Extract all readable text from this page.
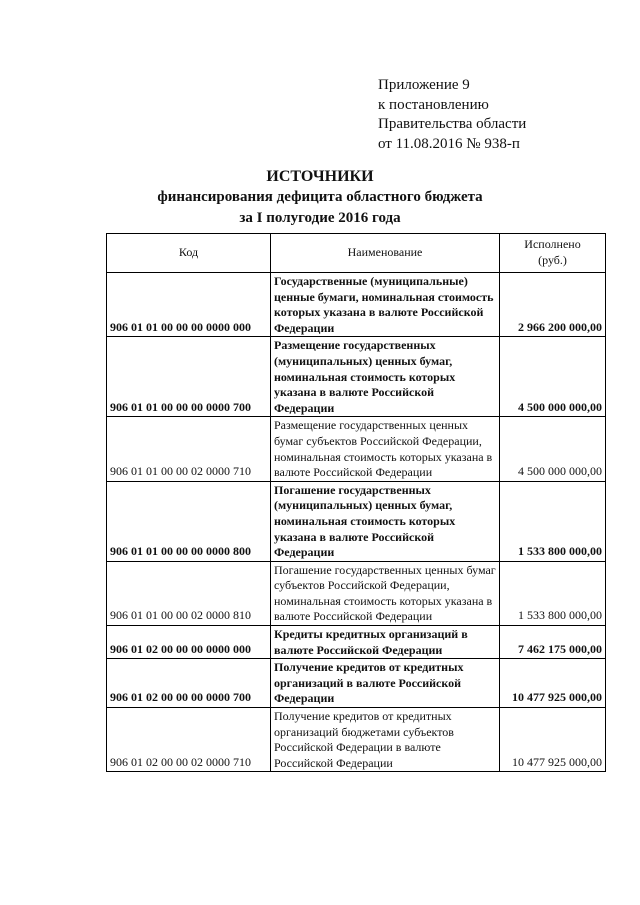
Приложение 9
к постановлению
Правительства области
от 11.08.2016 № 938-п
ИСТОЧНИКИ
финансирования дефицита областного бюджета
за I полугодие 2016 года
Код	Наименование	Исполнено
(руб.)
906 01 01 00 00 00 0000 000	Государственные (муниципальные) ценные бумаги, номинальная стоимость которых указана в валюте Российской Федерации	2 966 200 000,00
906 01 01 00 00 00 0000 700	Размещение государственных (муниципальных) ценных бумаг, номинальная стоимость которых указана в валюте Российской Федерации	4 500 000 000,00
906 01 01 00 00 02 0000 710	Размещение государственных ценных бумаг субъектов Российской Федерации, номинальная стоимость которых указана в валюте Российской Федерации	4 500 000 000,00
906 01 01 00 00 00 0000 800	Погашение государственных (муниципальных) ценных бумаг, номинальная стоимость которых указана в валюте Российской Федерации	1 533 800 000,00
906 01 01 00 00 02 0000 810	Погашение государственных ценных бумаг субъектов Российской Федерации, номинальная стоимость которых указана в валюте Российской Федерации	1 533 800 000,00
906 01 02 00 00 00 0000 000	Кредиты кредитных организаций в валюте Российской Федерации	7 462 175 000,00
906 01 02 00 00 00 0000 700	Получение кредитов от кредитных организаций в валюте Российской Федерации	10 477 925 000,00
906 01 02 00 00 02 0000 710	Получение кредитов от кредитных организаций бюджетами субъектов Российской Федерации в валюте Российской Федерации	10 477 925 000,00
